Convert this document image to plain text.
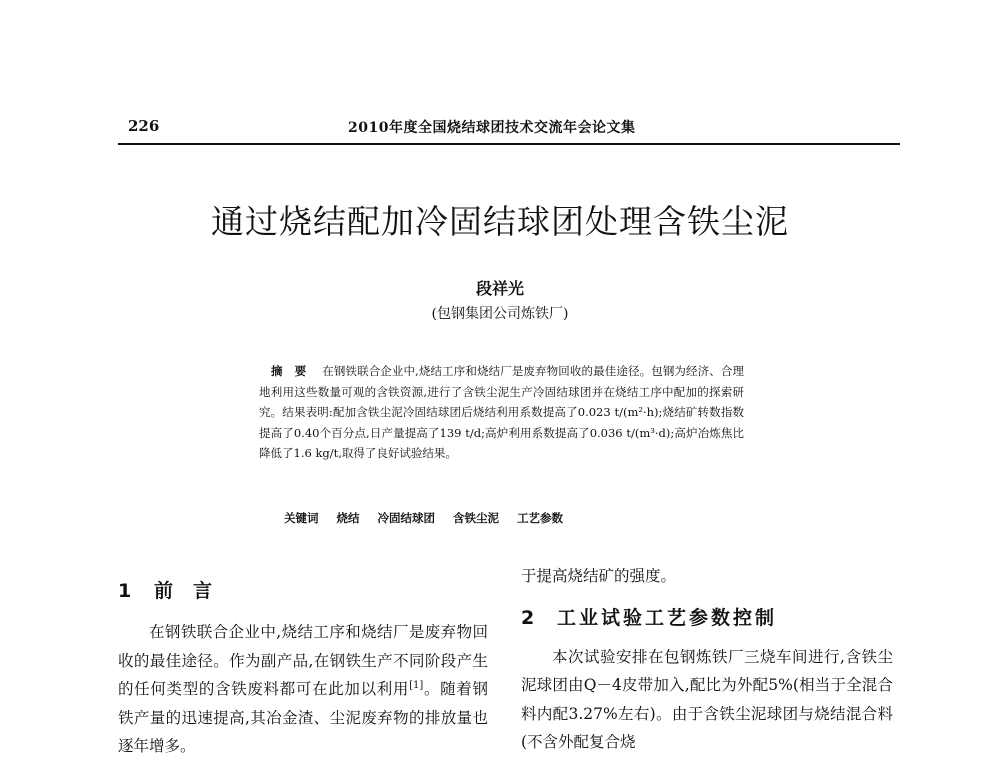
226	2010年度全国烧结球团技术交流年会论文集
通过烧结配加冷固结球团处理含铁尘泥
段祥光
(包钢集团公司炼铁厂)
摘要 在钢铁联合企业中,烧结工序和烧结厂是废弃物回收的最佳途径。包钢为经济、合理地利用这些数量可观的含铁资源,进行了含铁尘泥生产冷固结球团并在烧结工序中配加的探索研究。结果表明:配加含铁尘泥冷固结球团后烧结利用系数提高了0.023 t/(m²·h);烧结矿转数指数提高了0.40个百分点,日产量提高了139 t/d;高炉利用系数提高了0.036 t/(m³·d);高炉冶炼焦比降低了1.6 kg/t,取得了良好试验结果。
关键词 烧结 冷固结球团 含铁尘泥 工艺参数
1 前言

在钢铁联合企业中,烧结工序和烧结厂是废弃物回收的最佳途径。作为副产品,在钢铁生产不同阶段产生的任何类型的含铁废料都可在此加以利用[1]。随着钢铁产量的迅速提高,其冶金渣、尘泥废弃物的排放量也逐年增多。

于提高烧结矿的强度。

2 工业试验工艺参数控制

本次试验安排在包钢炼铁厂三烧车间进行,含铁尘泥球团由Q－4皮带加入,配比为外配5%(相当于全混合料内配3.27%左右)。由于含铁尘泥球团与烧结混合料(不含外配复合烧
